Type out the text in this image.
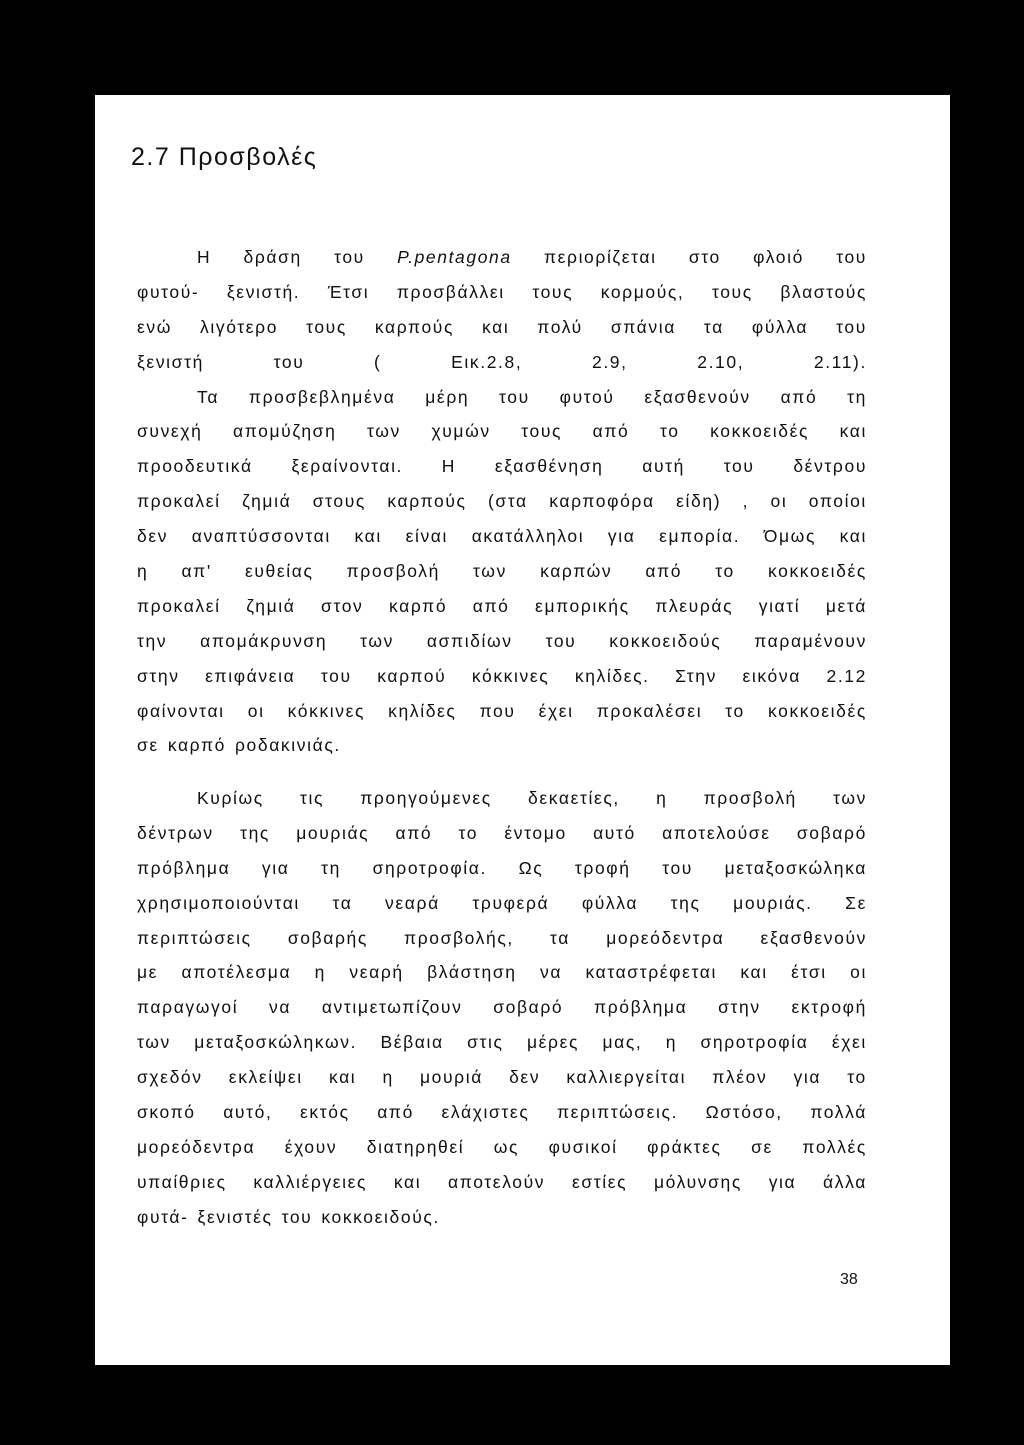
2.7 Προσβολές
Η δράση του P.pentagona περιορίζεται στο φλοιό του
φυτού- ξενιστή. Έτσι προσβάλλει τους κορμούς, τους βλαστούς
ενώ λιγότερο τους καρπούς και πολύ σπάνια τα φύλλα του
ξενιστή	του	(	Εικ.2.8,	2.9,	2.10,	2.11).
Τα προσβεβλημένα μέρη του φυτού εξασθενούν από τη
συνεχή απομύζηση των χυμών τους από το κοκκοειδές και
προοδευτικά ξεραίνονται. Η εξασθένηση αυτή του δέντρου
προκαλεί ζημιά στους καρπούς (στα καρποφόρα είδη) , οι οποίοι
δεν αναπτύσσονται και είναι ακατάλληλοι για εμπορία. Όμως και
η απ' ευθείας προσβολή των καρπών από το κοκκοειδές
προκαλεί ζημιά στον καρπό από εμπορικής πλευράς γιατί μετά
την απομάκρυνση των ασπιδίων του κοκκοειδούς παραμένουν
στην επιφάνεια του καρπού κόκκινες κηλίδες. Στην εικόνα 2.12
φαίνονται οι κόκκινες κηλίδες που έχει προκαλέσει το κοκκοειδές
σε καρπό ροδακινιάς.
Κυρίως τις προηγούμενες δεκαετίες, η προσβολή των
δέντρων της μουριάς από το έντομο αυτό αποτελούσε σοβαρό
πρόβλημα για τη σηροτροφία. Ως τροφή του μεταξοσκώληκα
χρησιμοποιούνται τα νεαρά τρυφερά φύλλα της μουριάς. Σε
περιπτώσεις σοβαρής προσβολής, τα μορεόδεντρα εξασθενούν
με αποτέλεσμα η νεαρή βλάστηση να καταστρέφεται και έτσι οι
παραγωγοί να αντιμετωπίζουν σοβαρό πρόβλημα στην εκτροφή
των μεταξοσκώληκων. Βέβαια στις μέρες μας, η σηροτροφία έχει
σχεδόν εκλείψει και η μουριά δεν καλλιεργείται πλέον για το
σκοπό αυτό, εκτός από ελάχιστες περιπτώσεις. Ωστόσο, πολλά
μορεόδεντρα έχουν διατηρηθεί ως φυσικοί φράκτες σε πολλές
υπαίθριες καλλιέργειες και αποτελούν εστίες μόλυνσης για άλλα
φυτά- ξενιστές του κοκκοειδούς.
38
